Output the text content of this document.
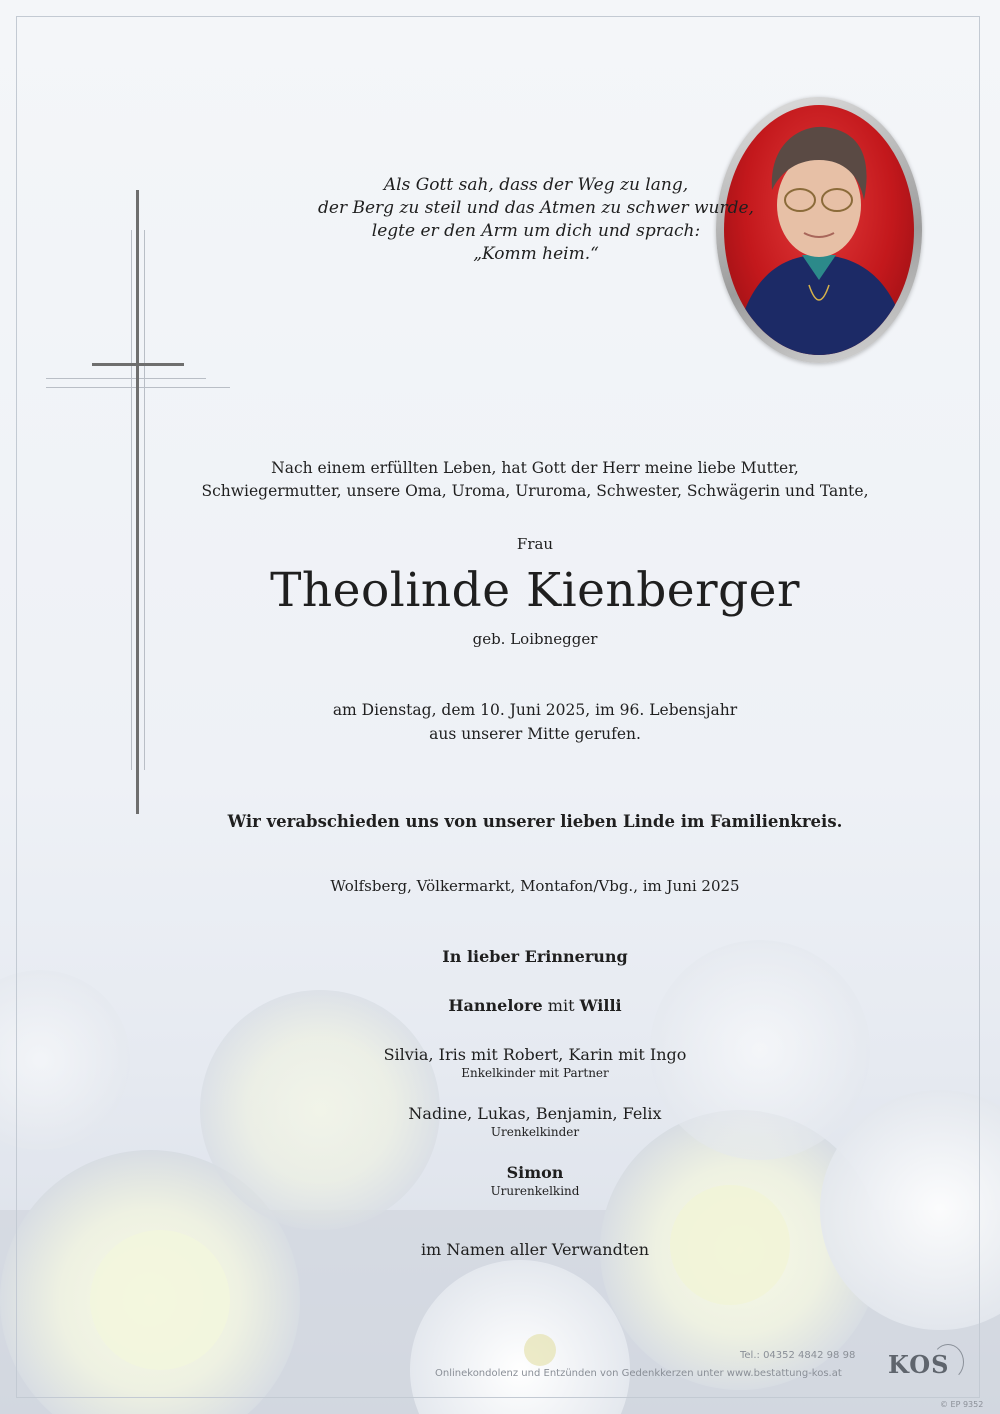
Als Gott sah, dass der Weg zu lang,
der Berg zu steil und das Atmen zu schwer wurde,
legte er den Arm um dich und sprach:
„Komm heim.“
Nach einem erfüllten Leben, hat Gott der Herr meine liebe Mutter,
Schwiegermutter, unsere Oma, Uroma, Ururoma, Schwester, Schwägerin und Tante,
Frau
Theolinde Kienberger
geb. Loibnegger
am Dienstag, dem 10. Juni 2025, im 96. Lebensjahr
aus unserer Mitte gerufen.
Wir verabschieden uns von unserer lieben Linde im Familienkreis.
Wolfsberg, Völkermarkt, Montafon/Vbg., im Juni 2025
In lieber Erinnerung
Hannelore mit Willi
Silvia, Iris mit Robert, Karin mit Ingo
Enkelkinder mit Partner
Nadine, Lukas, Benjamin, Felix
Urenkelkinder
Simon
Ururenkelkind
im Namen aller Verwandten
Tel.: 04352 4842 98 98
Onlinekondolenz und Entzünden von Gedenkkerzen unter www.bestattung-kos.at KOS
© EP 9352
